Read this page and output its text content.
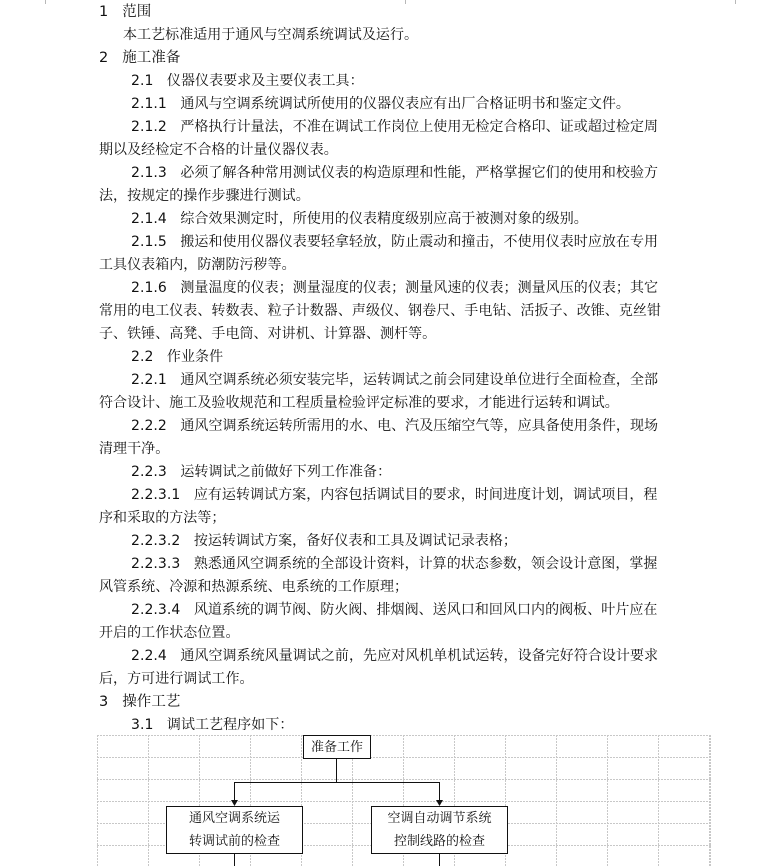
1   范围
本工艺标准适用于通风与空凋系统调试及运行。
2   施工准备
2.1   仪器仪表要求及主要仪表工具：
2.1.1   通风与空调系统调试所使用的仪器仪表应有出厂合格证明书和鉴定文件。
2.1.2   严格执行计量法，不准在调试工作岗位上使用无检定合格印、证或超过检定周
期以及经检定不合格的计量仪器仪表。
2.1.3   必须了解各种常用测试仪表的构造原理和性能，严格掌握它们的使用和校验方
法，按规定的操作步骤进行测试。
2.1.4   综合效果测定时，所使用的仪表精度级别应高于被测对象的级别。
2.1.5   搬运和使用仪器仪表要轻拿轻放，防止震动和撞击，不使用仪表时应放在专用
工具仪表箱内，防潮防污秽等。
2.1.6   测量温度的仪表；测量湿度的仪表；测量风速的仪表；测量风压的仪表；其它
常用的电工仪表、转数表、粒子计数器、声级仪、钢卷尺、手电钻、活扳子、改锥、克丝钳
子、铁锤、高凳、手电筒、对讲机、计算器、测杆等。
2.2   作业条件
2.2.1   通风空调系统必须安装完毕，运转调试之前会同建设单位进行全面检查，全部
符合设计、施工及验收规范和工程质量检验评定标准的要求，才能进行运转和调试。
2.2.2   通风空调系统运转所需用的水、电、汽及压缩空气等，应具备使用条件，现场
清理干净。
2.2.3   运转调试之前做好下列工作准备：
2.2.3.1   应有运转调试方案，内容包括调试目的要求，时间进度计划，调试项目，程
序和采取的方法等；
2.2.3.2   按运转调试方案，备好仪表和工具及调试记录表格；
2.2.3.3   熟悉通风空调系统的全部设计资料，计算的状态参数，领会设计意图，掌握
风管系统、冷源和热源系统、电系统的工作原理；
2.2.3.4   风道系统的调节阀、防火阀、排烟阀、送风口和回风口内的阀板、叶片应在
开启的工作状态位置。
2.2.4   通风空调系统风量调试之前，先应对风机单机试运转，设备完好符合设计要求
后，方可进行调试工作。
3   操作工艺
3.1   调试工艺程序如下：
准备工作
通风空调系统运
转调试前的检查
空调自动调节系统
控制线路的检查
